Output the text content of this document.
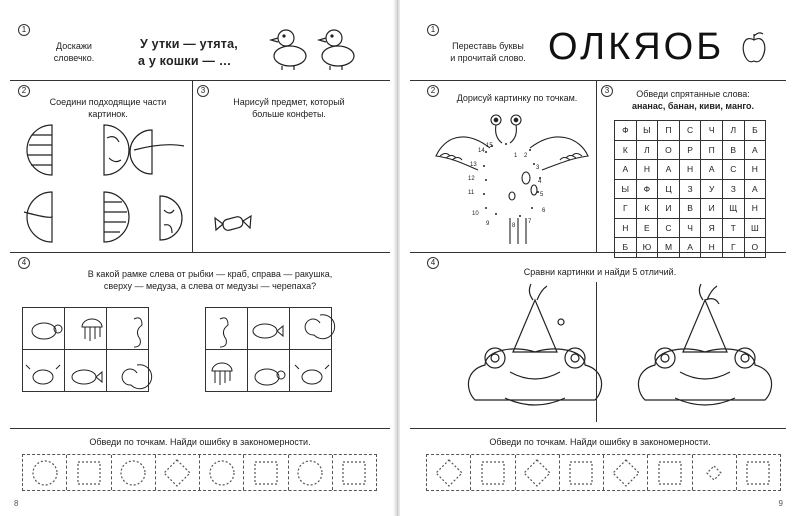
1
Доскажи
словечко.
У утки — утята,
а у кошки — …
2
Соедини подходящие части
картинок.
3
Нарисуй предмет, который
больше конфеты.
4
В какой рамке слева от рыбки — краб, справа — ракушка,
сверху — медуза, а слева от медузы — черепаха?

Обведи по точкам. Найди ошибку в закономерности.
8
1
Переставь буквы
и прочитай слово. ОЛКЯОБ
2
Дорисуй картинку по точкам.
15
1
14
13
12
11
10
9
2
3
4
5
6
7
8
3	Обведи спрятанные слова:
ананас, банан, киви, манго.
Ф	Ы	П	С	Ч	Л	Б
К	Л	О	Р	П	В	А
А	Н	А	Н	А	С	Н
Ы	Ф	Ц	З	У	З	А
Г	К	И	В	И	Щ	Н
Н	Е	С	Ч	Я	Т	Ш
Б	Ю	М	А	Н	Г	О
4
Сравни картинки и найди 5 отличий.
Обведи по точкам. Найди ошибку в закономерности.
9
